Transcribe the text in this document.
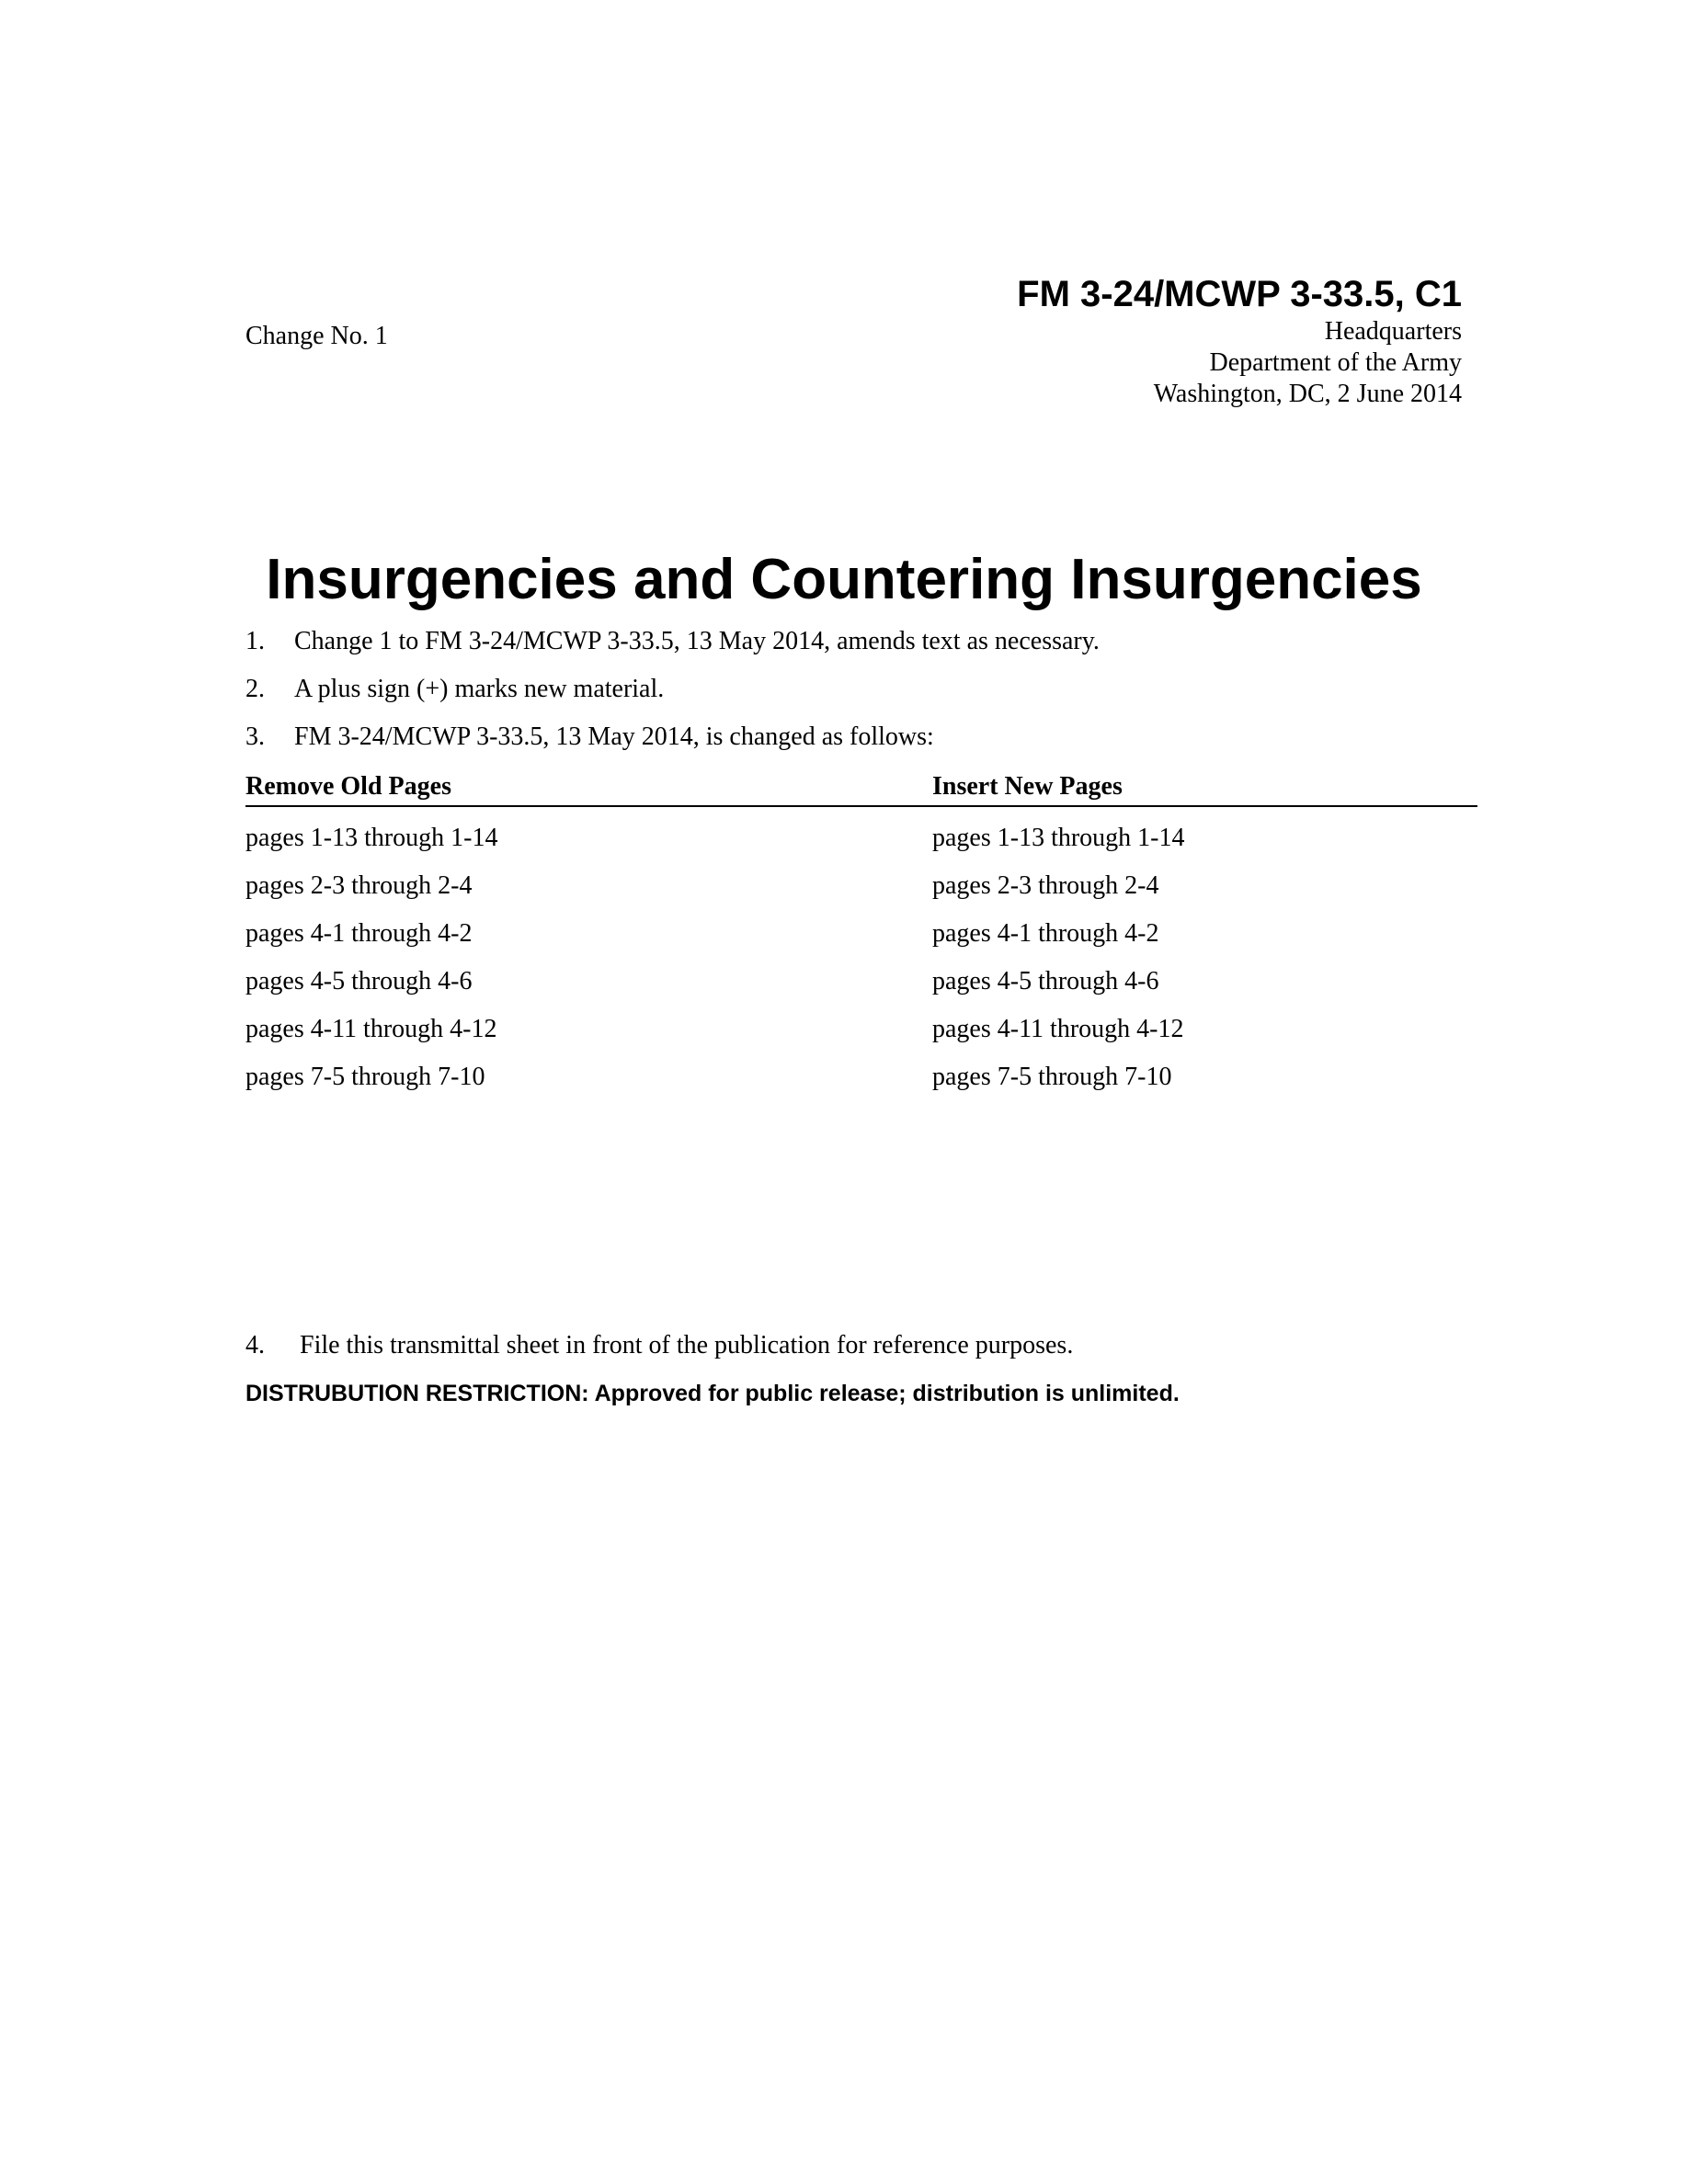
FM 3-24/MCWP 3-33.5, C1
Change No. 1	Headquarters
Department of the Army
Washington, DC, 2 June 2014
Insurgencies and Countering Insurgencies
1. Change 1 to FM 3-24/MCWP 3-33.5, 13 May 2014, amends text as necessary.
2. A plus sign (+) marks new material.
3. FM 3-24/MCWP 3-33.5, 13 May 2014, is changed as follows:
Remove Old Pages	Insert New Pages
pages 1-13 through 1-14	pages 1-13 through 1-14
pages 2-3 through 2-4	pages 2-3 through 2-4
pages 4-1 through 4-2	pages 4-1 through 4-2
pages 4-5 through 4-6	pages 4-5 through 4-6
pages 4-11 through 4-12	pages 4-11 through 4-12
pages 7-5 through 7-10	pages 7-5 through 7-10
4. File this transmittal sheet in front of the publication for reference purposes.
DISTRUBUTION RESTRICTION: Approved for public release; distribution is unlimited.
